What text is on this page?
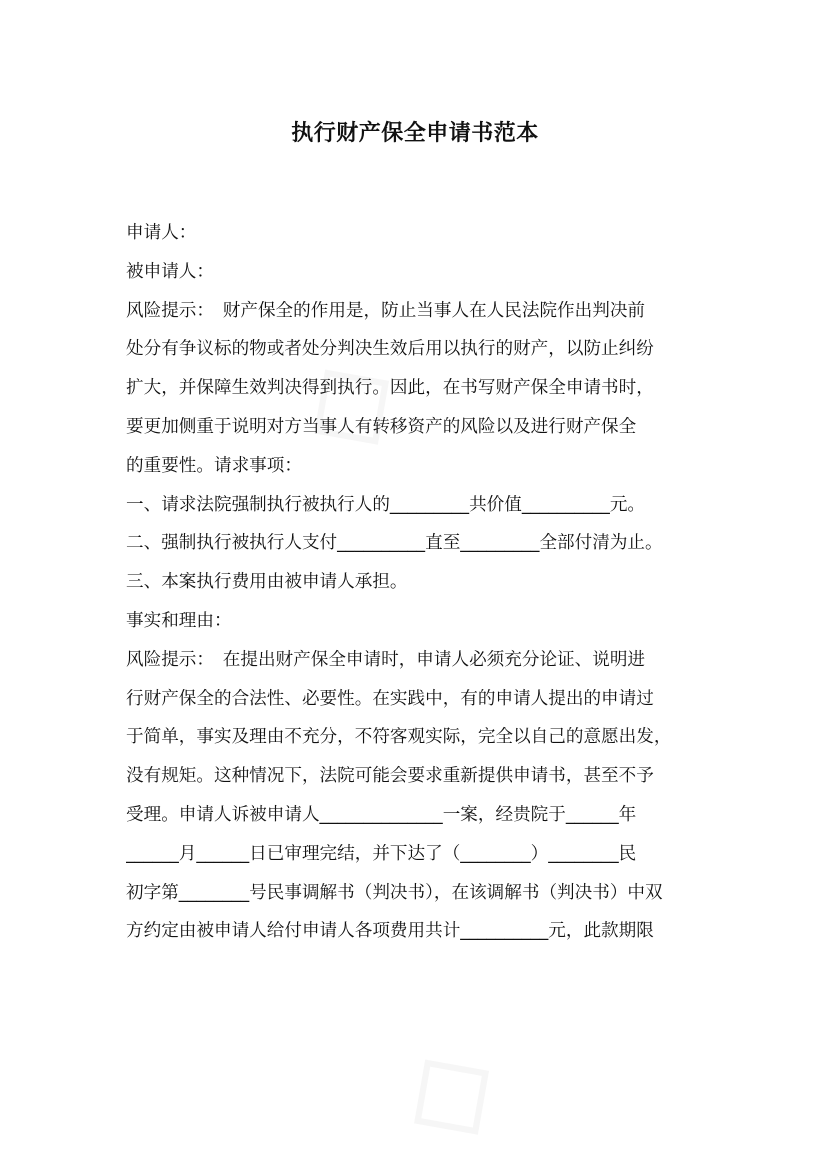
执行财产保全申请书范本

申请人：

被申请人：

风险提示：　财产保全的作用是，防止当事人在人民法院作出判决前

处分有争议标的物或者处分判决生效后用以执行的财产，以防止纠纷

扩大，并保障生效判决得到执行。因此，在书写财产保全申请书时，

要更加侧重于说明对方当事人有转移资产的风险以及进行财产保全

的重要性。请求事项：

一、请求法院强制执行被执行人的_________共价值__________元。

二、强制执行被执行人支付__________直至_________全部付清为止。

三、本案执行费用由被申请人承担。

事实和理由：

风险提示：　在提出财产保全申请时，申请人必须充分论证、说明进

行财产保全的合法性、必要性。在实践中，有的申请人提出的申请过

于简单，事实及理由不充分，不符客观实际，完全以自己的意愿出发，

没有规矩。这种情况下，法院可能会要求重新提供申请书，甚至不予

受理。申请人诉被申请人______________一案，经贵院于______年

______月______日已审理完结，并下达了（________）________民

初字第________号民事调解书（判决书），在该调解书（判决书）中双

方约定由被申请人给付申请人各项费用共计__________元，此款期限
